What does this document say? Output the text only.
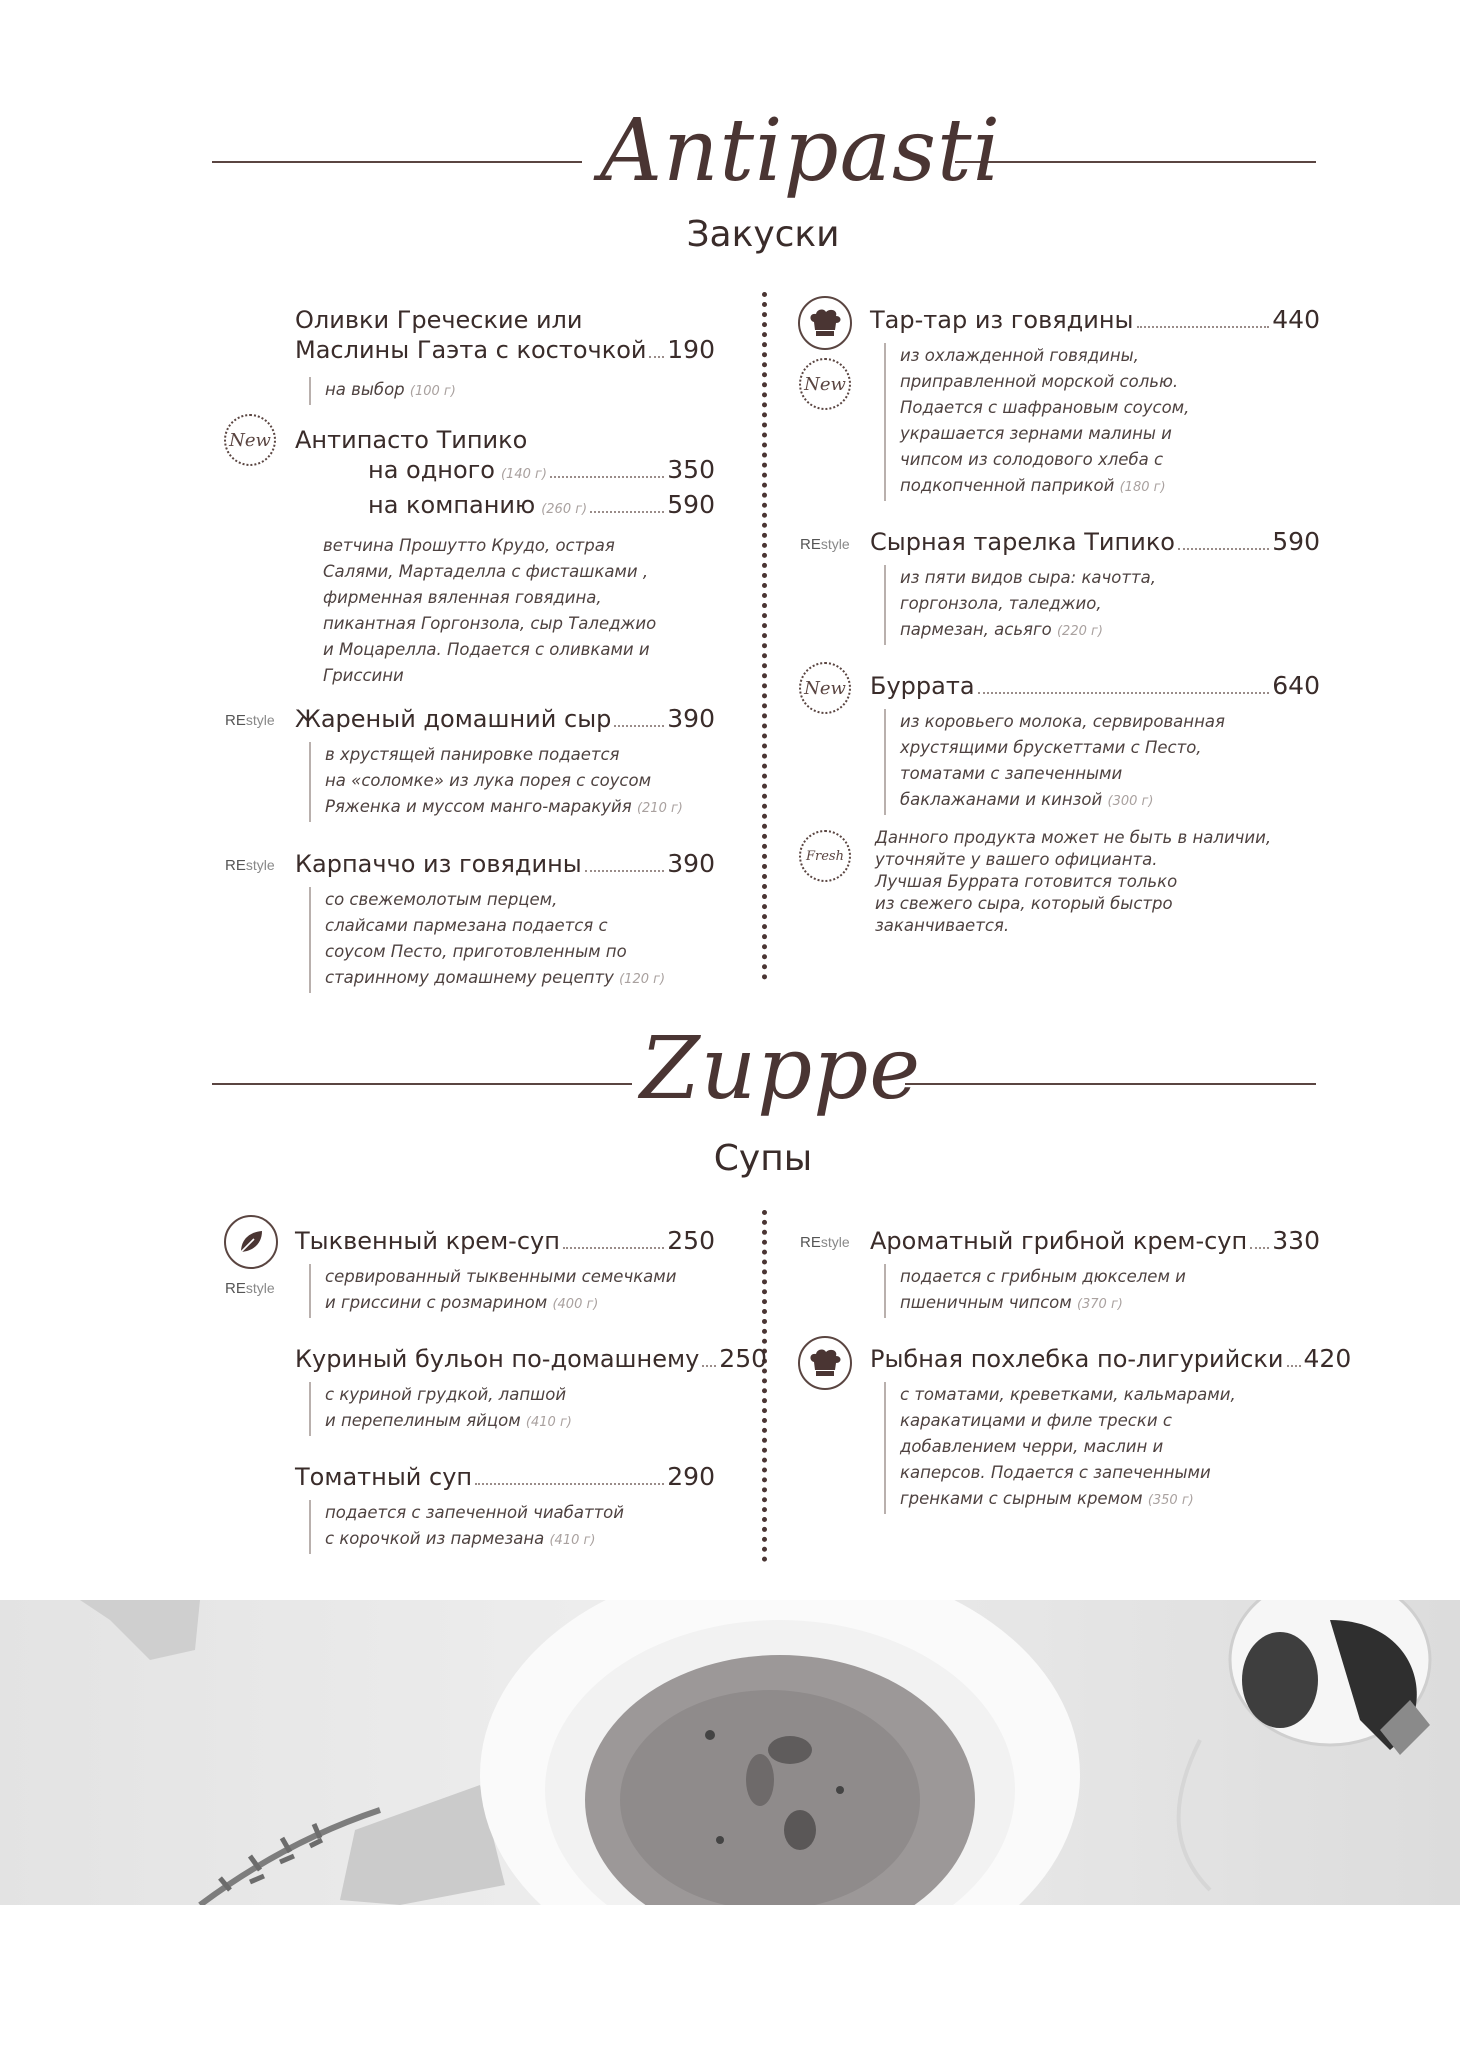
Antipasti
Закуски
Оливки Греческие или
Маслины Гаэта с косточкой 190
на выбор (100 г)
New Антипасто Типико
на одного (140 г)	350
на компанию (260 г)	590
ветчина Прошутто Крудо, острая
Салями, Мартаделла с фисташками ,
фирменная вяленная говядина,
пикантная Горгонзола, сыр Таледжио
и Моцарелла. Подается с оливками и
Гриссини
REstyle Жареный домашний сыр 390
в хрустящей панировке подается
на «соломке» из лука порея с соусом
Ряженка и муссом манго-маракуйя (210 г)
REstyle Карпаччо из говядины	390
со свежемолотым перцем,
слайсами пармезана подается с
соусом Песто, приготовленным по
старинному домашнему рецепту (120 г)
New
Тар-тар из говядины	440
из охлажденной говядины,
приправленной морской солью.
Подается с шафрановым соусом,
украшается зернами малины и
чипсом из солодового хлеба с
подкопченной паприкой (180 г)
REstyle Сырная тарелка Типико	590
из пяти видов сыра: качотта,
горгонзола, таледжио,
пармезан, асьяго (220 г)
New Буррата	640
из коровьего молока, сервированная
хрустящими брускеттами с Песто,
томатами с запеченными
баклажанами и кинзой (300 г)
Fresh
Данного продукта может не быть в наличии,
уточняйте у вашего официанта.
Лучшая Буррата готовится только
из свежего сыра, который быстро
заканчивается.
Zuppe
Супы
REstyle
Тыквенный крем-суп	250
сервированный тыквенными семечками
и гриссини с розмарином (400 г)
Куриный бульон по-домашнему 250
с куриной грудкой, лапшой
и перепелиным яйцом (410 г)
Томатный суп	290
подается с запеченной чиабаттой
с корочкой из пармезана (410 г)
REstyle Ароматный грибной крем-суп 330
подается с грибным дюкселем и
пшеничным чипсом (370 г)
Рыбная похлебка по-лигурийски 420
с томатами, креветками, кальмарами,
каракатицами и филе трески с
добавлением черри, маслин и
каперсов. Подается с запеченными
гренками с сырным кремом (350 г)
